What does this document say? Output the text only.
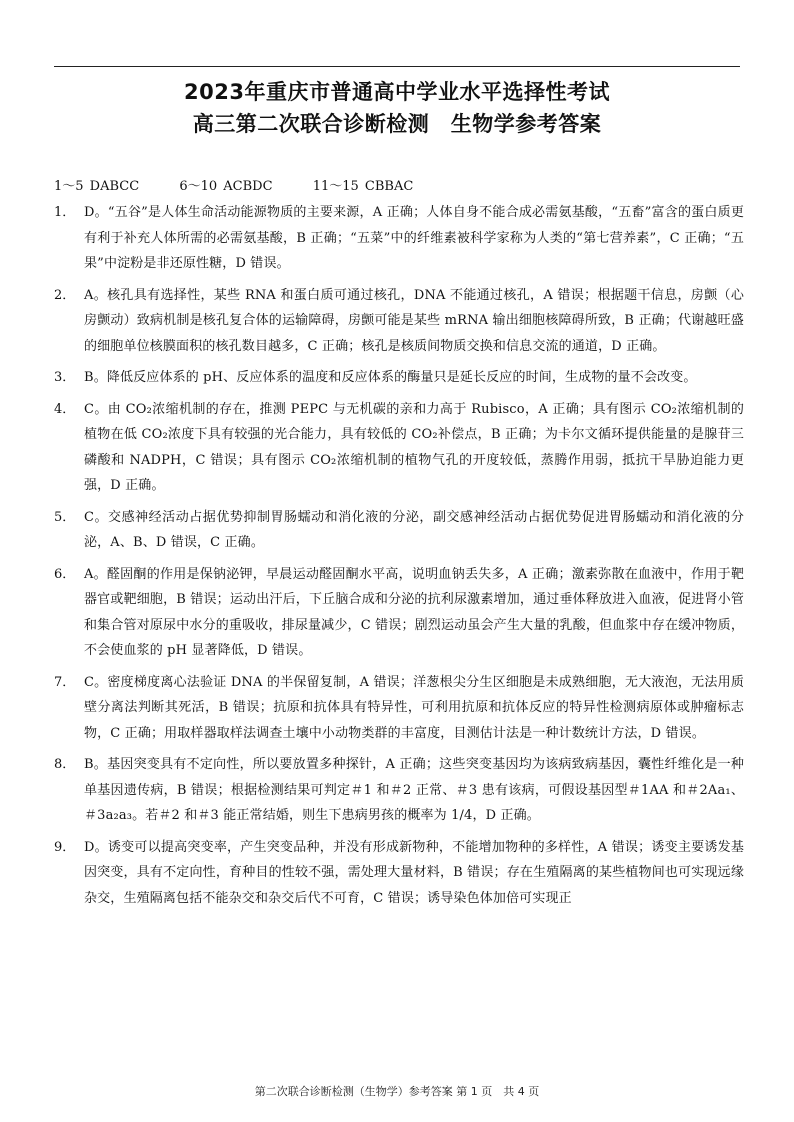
2023年重庆市普通高中学业水平选择性考试
高三第二次联合诊断检测　生物学参考答案
1～5 DABCC	6～10 ACBDC	11～15 CBBAC
1． D。“五谷”是人体生命活动能源物质的主要来源，A 正确；人体自身不能合成必需氨基酸，“五畜”富含的蛋白质更有利于补充人体所需的必需氨基酸，B 正确；“五菜”中的纤维素被科学家称为人类的“第七营养素”，C 正确；“五果”中淀粉是非还原性糖，D 错误。
2． A。核孔具有选择性，某些 RNA 和蛋白质可通过核孔，DNA 不能通过核孔，A 错误；根据题干信息，房颤（心房颤动）致病机制是核孔复合体的运输障碍，房颤可能是某些 mRNA 输出细胞核障碍所致，B 正确；代谢越旺盛的细胞单位核膜面积的核孔数目越多，C 正确；核孔是核质间物质交换和信息交流的通道，D 正确。
3． B。降低反应体系的 pH、反应体系的温度和反应体系的酶量只是延长反应的时间，生成物的量不会改变。
4． C。由 CO₂浓缩机制的存在，推测 PEPC 与无机碳的亲和力高于 Rubisco，A 正确；具有图示 CO₂浓缩机制的植物在低 CO₂浓度下具有较强的光合能力，具有较低的 CO₂补偿点，B 正确；为卡尔文循环提供能量的是腺苷三磷酸和 NADPH，C 错误；具有图示 CO₂浓缩机制的植物气孔的开度较低，蒸腾作用弱，抵抗干旱胁迫能力更强，D 正确。
5． C。交感神经活动占据优势抑制胃肠蠕动和消化液的分泌，副交感神经活动占据优势促进胃肠蠕动和消化液的分泌，A、B、D 错误，C 正确。
6． A。醛固酮的作用是保钠泌钾，早晨运动醛固酮水平高，说明血钠丢失多，A 正确；激素弥散在血液中，作用于靶器官或靶细胞，B 错误；运动出汗后，下丘脑合成和分泌的抗利尿激素增加，通过垂体释放进入血液，促进肾小管和集合管对原尿中水分的重吸收，排尿量减少，C 错误；剧烈运动虽会产生大量的乳酸，但血浆中存在缓冲物质，不会使血浆的 pH 显著降低，D 错误。
7． C。密度梯度离心法验证 DNA 的半保留复制，A 错误；洋葱根尖分生区细胞是未成熟细胞，无大液泡，无法用质壁分离法判断其死活，B 错误；抗原和抗体具有特异性，可利用抗原和抗体反应的特异性检测病原体或肿瘤标志物，C 正确；用取样器取样法调查土壤中小动物类群的丰富度，目测估计法是一种计数统计方法，D 错误。
8． B。基因突变具有不定向性，所以要放置多种探针，A 正确；这些突变基因均为该病致病基因，囊性纤维化是一种单基因遗传病，B 错误；根据检测结果可判定＃1 和＃2 正常、＃3 患有该病，可假设基因型＃1AA 和＃2Aa₁、＃3a₂a₃。若＃2 和＃3 能正常结婚，则生下患病男孩的概率为 1/4，D 正确。
9． D。诱变可以提高突变率，产生突变品种，并没有形成新物种，不能增加物种的多样性，A 错误；诱变主要诱发基因突变，具有不定向性，育种目的性较不强，需处理大量材料，B 错误；存在生殖隔离的某些植物间也可实现远缘杂交，生殖隔离包括不能杂交和杂交后代不可育，C 错误；诱导染色体加倍可实现正
第二次联合诊断检测（生物学）参考答案 第 1 页　共 4 页
